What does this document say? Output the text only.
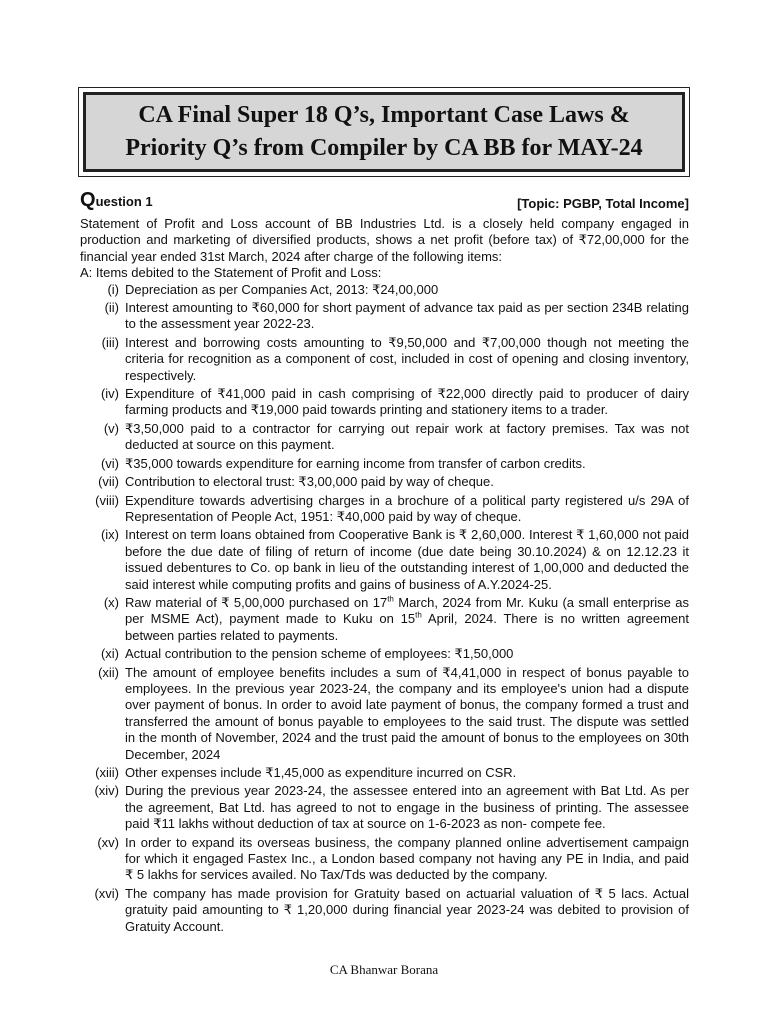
CA Final Super 18 Q’s, Important Case Laws &
Priority Q’s from Compiler by CA BB for MAY-24

Question 1	[Topic: PGBP, Total Income]

Statement of Profit and Loss account of BB Industries Ltd. is a closely held company engaged in production and marketing of diversified products, shows a net profit (before tax) of ₹72,00,000 for the financial year ended 31st March, 2024 after charge of the following items:

A: Items debited to the Statement of Profit and Loss:

(i) Depreciation as per Companies Act, 2013: ₹24,00,000
(ii) Interest amounting to ₹60,000 for short payment of advance tax paid as per section 234B relating to the assessment year 2022-23.
(iii) Interest and borrowing costs amounting to ₹9,50,000 and ₹7,00,000 though not meeting the criteria for recognition as a component of cost, included in cost of opening and closing inventory, respectively.
(iv) Expenditure of ₹41,000 paid in cash comprising of ₹22,000 directly paid to producer of dairy farming products and ₹19,000 paid towards printing and stationery items to a trader.
(v) ₹3,50,000 paid to a contractor for carrying out repair work at factory premises. Tax was not deducted at source on this payment.
(vi) ₹35,000 towards expenditure for earning income from transfer of carbon credits.
(vii) Contribution to electoral trust: ₹3,00,000 paid by way of cheque.
(viii) Expenditure towards advertising charges in a brochure of a political party registered u/s 29A of Representation of People Act, 1951: ₹40,000 paid by way of cheque.
(ix) Interest on term loans obtained from Cooperative Bank is ₹ 2,60,000. Interest ₹ 1,60,000 not paid before the due date of filing of return of income (due date being 30.10.2024) & on 12.12.23 it issued debentures to Co. op bank in lieu of the outstanding interest of 1,00,000 and deducted the said interest while computing profits and gains of business of A.Y.2024-25.
(x) Raw material of ₹ 5,00,000 purchased on 17th March, 2024 from Mr. Kuku (a small enterprise as per MSME Act), payment made to Kuku on 15th April, 2024. There is no written agreement between parties related to payments.
(xi) Actual contribution to the pension scheme of employees: ₹1,50,000
(xii) The amount of employee benefits includes a sum of ₹4,41,000 in respect of bonus payable to employees. In the previous year 2023-24, the company and its employee's union had a dispute over payment of bonus. In order to avoid late payment of bonus, the company formed a trust and transferred the amount of bonus payable to employees to the said trust. The dispute was settled in the month of November, 2024 and the trust paid the amount of bonus to the employees on 30th December, 2024
(xiii) Other expenses include ₹1,45,000 as expenditure incurred on CSR.
(xiv) During the previous year 2023-24, the assessee entered into an agreement with Bat Ltd. As per the agreement, Bat Ltd. has agreed to not to engage in the business of printing. The assessee paid ₹11 lakhs without deduction of tax at source on 1-6-2023 as non- compete fee.
(xv) In order to expand its overseas business, the company planned online advertisement campaign for which it engaged Fastex Inc., a London based company not having any PE in India, and paid ₹ 5 lakhs for services availed. No Tax/Tds was deducted by the company.
(xvi) The company has made provision for Gratuity based on actuarial valuation of ₹ 5 lacs. Actual gratuity paid amounting to ₹ 1,20,000 during financial year 2023-24 was debited to provision of Gratuity Account.
CA Bhanwar Borana
